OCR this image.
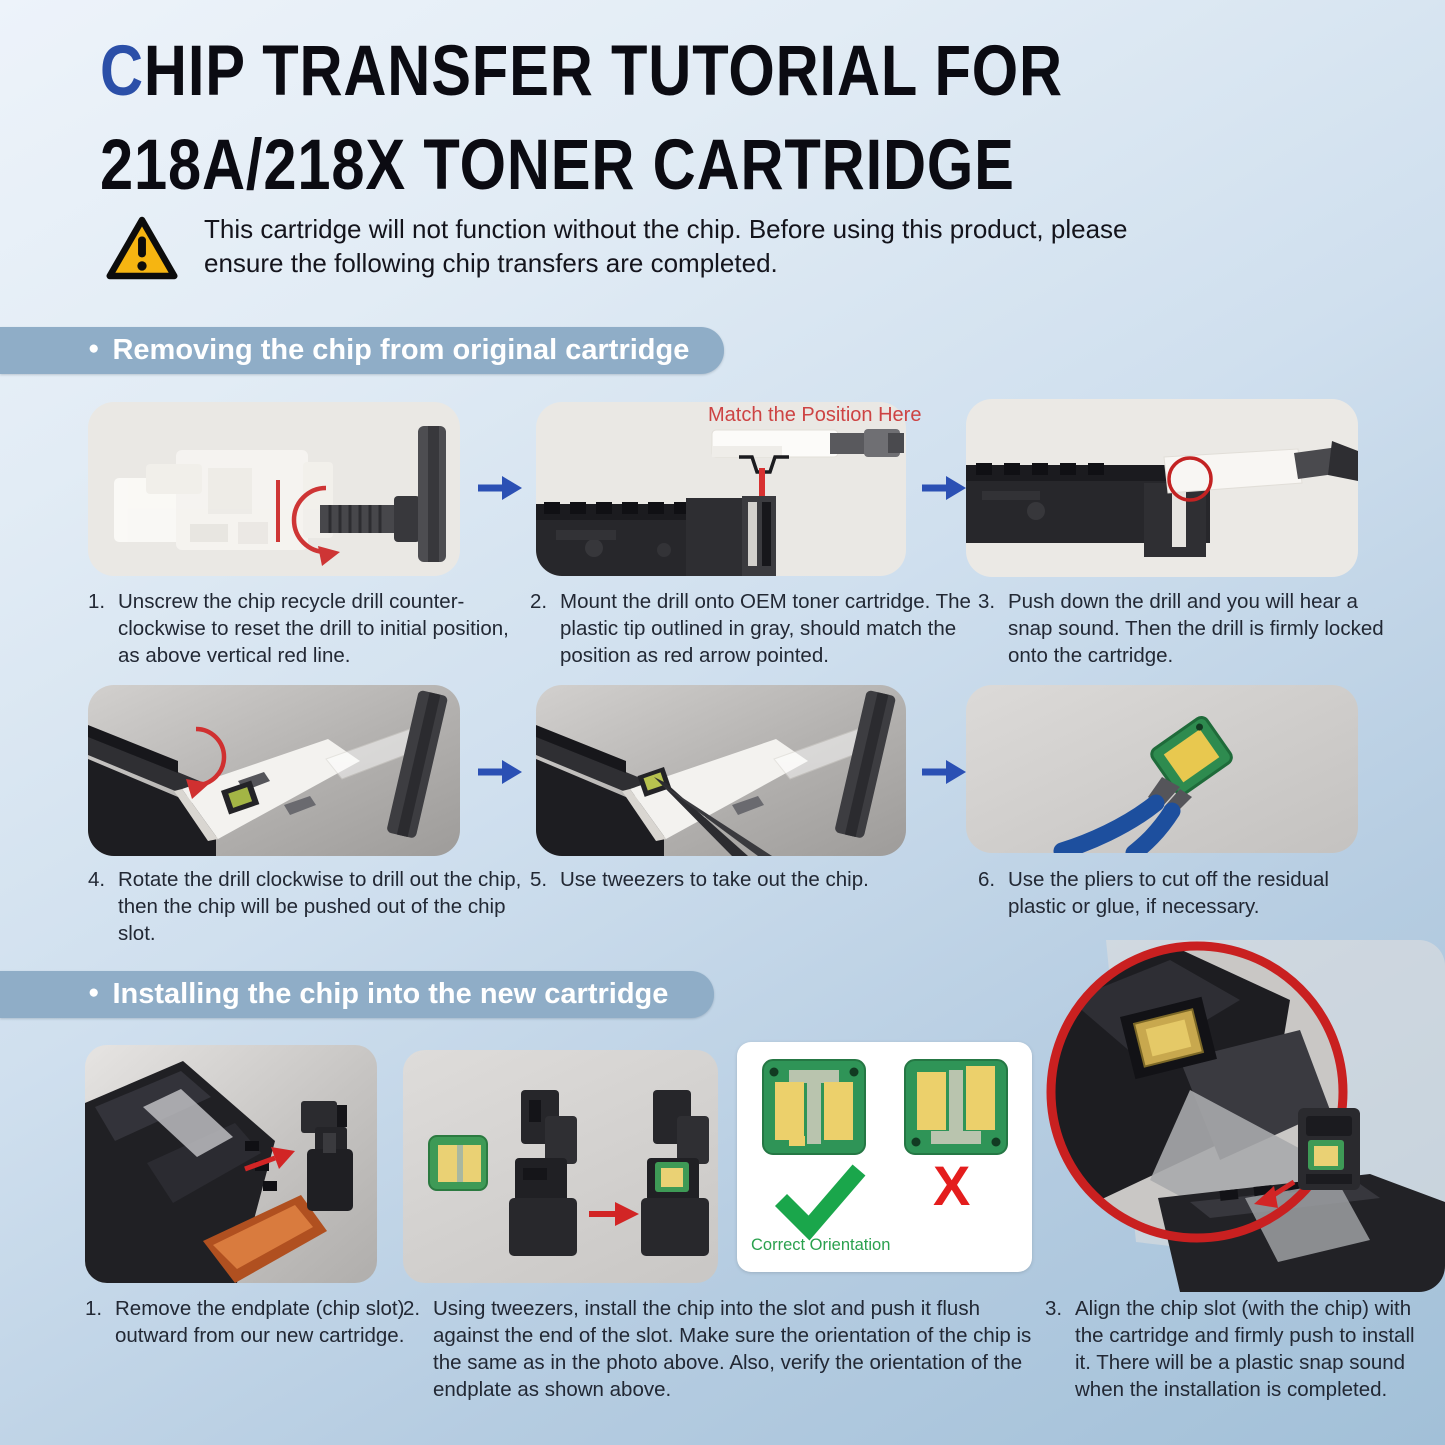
CHIP TRANSFER TUTORIAL FOR
218A/218X TONER CARTRIDGE

This cartridge will not function without the chip. Before using this product, please ensure the following chip transfers are completed.

● Removing the chip from original cartridge
Match the Position Here
1. Unscrew the chip recycle drill counter-clockwise to reset the drill to initial position, as above vertical red line.
2. Mount the drill onto OEM toner cartridge. The plastic tip outlined in gray, should match the position as red arrow pointed.
3. Push down the drill and you will hear a snap sound. Then the drill is firmly locked onto the cartridge.
4. Rotate the drill clockwise to drill out the chip, then the chip will be pushed out of the chip slot.
5. Use tweezers to take out the chip.	6. Use the pliers to cut off the residual plastic or glue, if necessary.
● Installing the chip into the new cartridge
Correct Orientation
X
1. Remove the endplate (chip slot) outward from our new cartridge.
2. Using tweezers, install the chip into the slot and push it flush against the end of the slot. Make sure the orientation of the chip is the same as in the photo above. Also, verify the orientation of the endplate as shown above.
3. Align the chip slot (with the chip) with the cartridge and firmly push to install it. There will be a plastic snap sound when the installation is completed.
